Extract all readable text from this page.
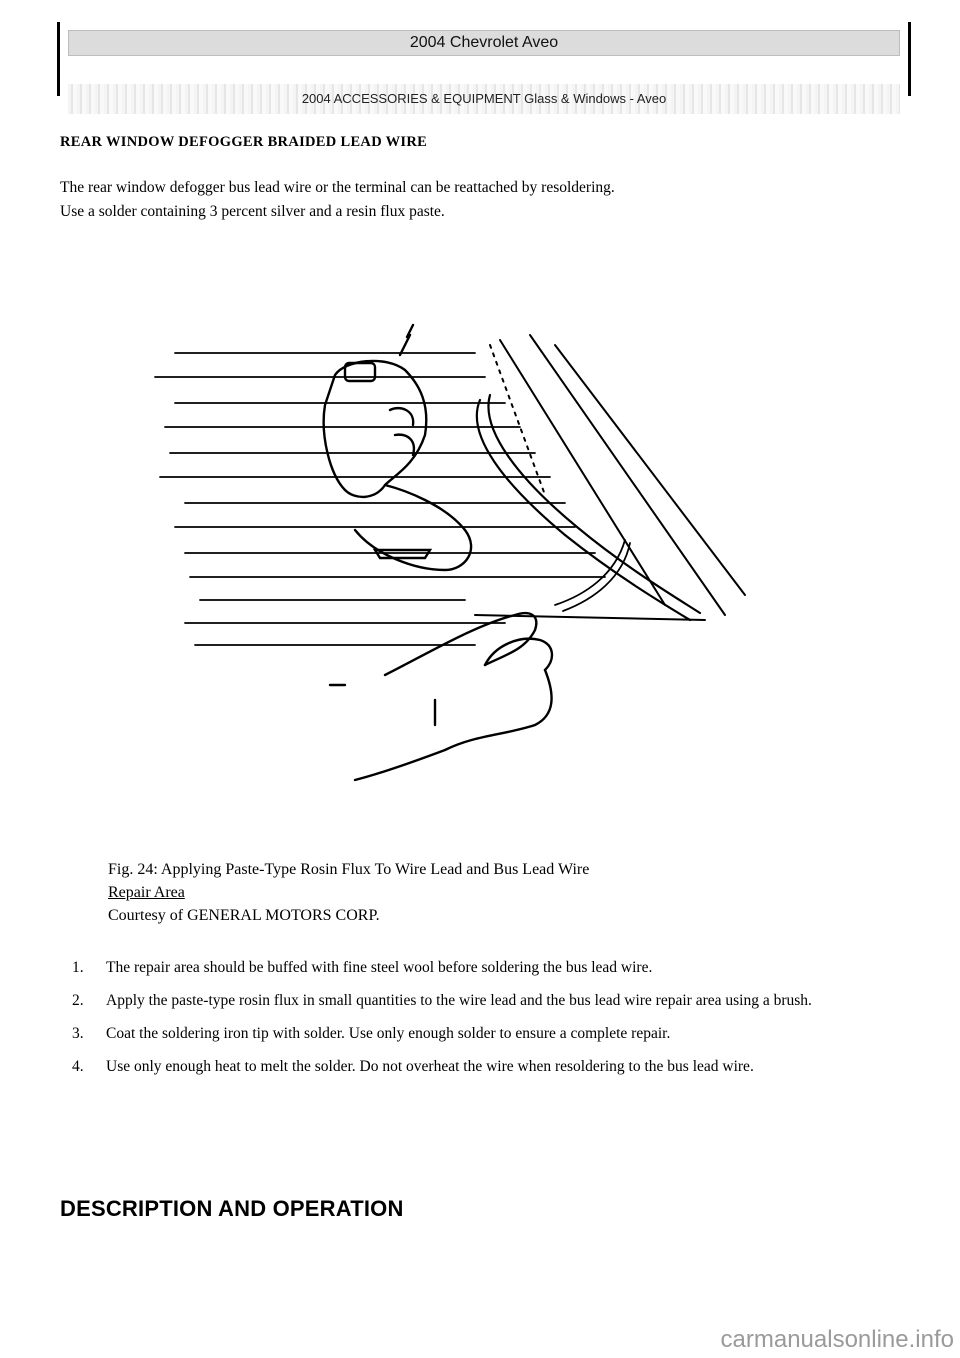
2004 Chevrolet Aveo
2004 ACCESSORIES & EQUIPMENT Glass & Windows - Aveo
REAR WINDOW DEFOGGER BRAIDED LEAD WIRE

The rear window defogger bus lead wire or the terminal can be reattached by resoldering.

Use a solder containing 3 percent silver and a resin flux paste.

Fig. 24: Applying Paste-Type Rosin Flux To Wire Lead and Bus Lead Wire
Repair Area
Courtesy of GENERAL MOTORS CORP.
1. The repair area should be buffed with fine steel wool before soldering the bus lead wire.
2. Apply the paste-type rosin flux in small quantities to the wire lead and the bus lead wire repair area using a brush.
3. Coat the soldering iron tip with solder. Use only enough solder to ensure a complete repair.
4. Use only enough heat to melt the solder. Do not overheat the wire when resoldering to the bus lead wire.
DESCRIPTION AND OPERATION
carmanualsonline.info
